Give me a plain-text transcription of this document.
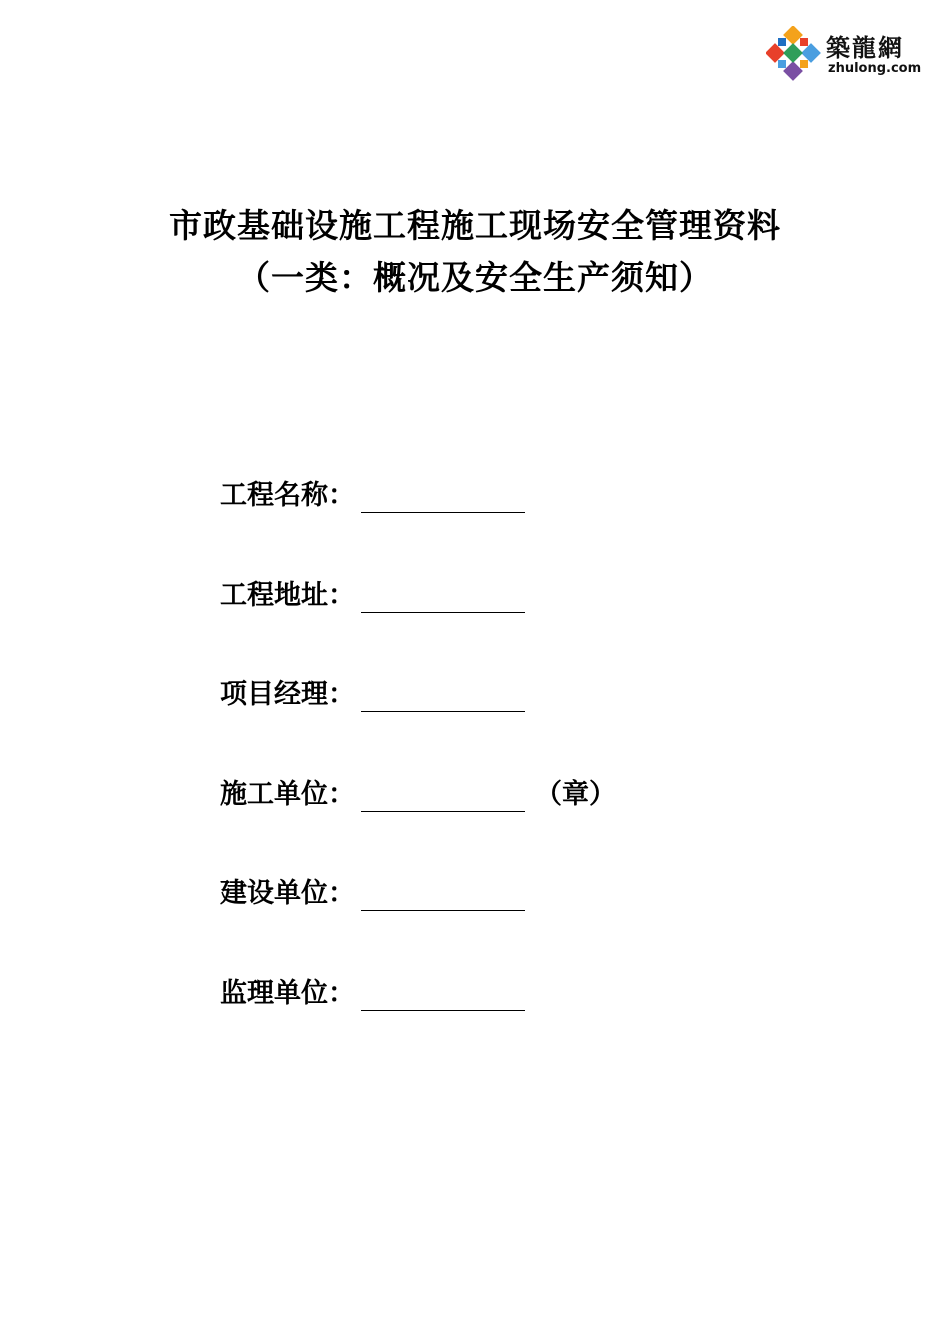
築龍網
zhulong.com
市政基础设施工程施工现场安全管理资料
（一类：概况及安全生产须知）
工程名称：
工程地址：
项目经理：
施工单位：	（章）
建设单位：
监理单位：
